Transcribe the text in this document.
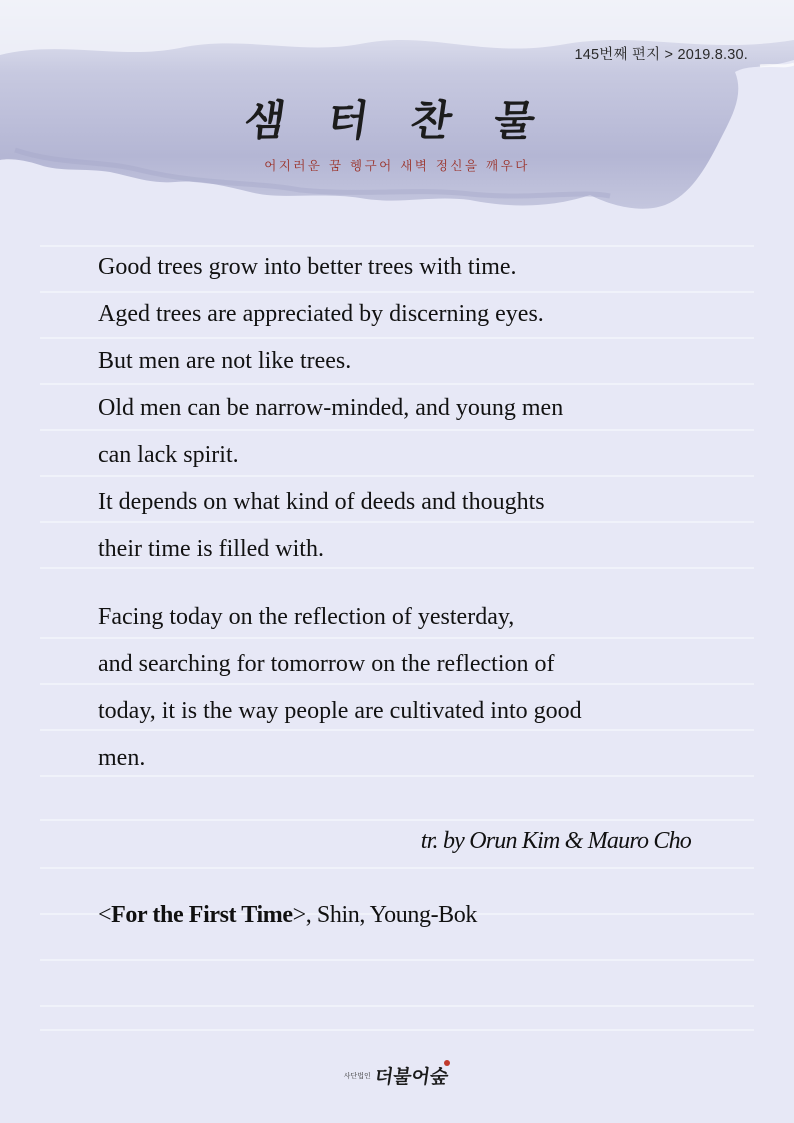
145번째 편지 > 2019.8.30.
샘 터 찬 물
어지러운 꿈 헹구어 새벽 정신을 깨우다
Good trees grow into better trees with time.
Aged trees are appreciated by discerning eyes.
But men are not like trees.
Old men can be narrow-minded, and young men
can lack spirit.
It depends on what kind of deeds and thoughts
their time is filled with.
Facing today on the reflection of yesterday,
and searching for tomorrow on the reflection of
today, it is the way people are cultivated into good
men.
tr. by Orun Kim & Mauro Cho
<For the First Time>, Shin, Young-Bok
사단법인 더불어숲
